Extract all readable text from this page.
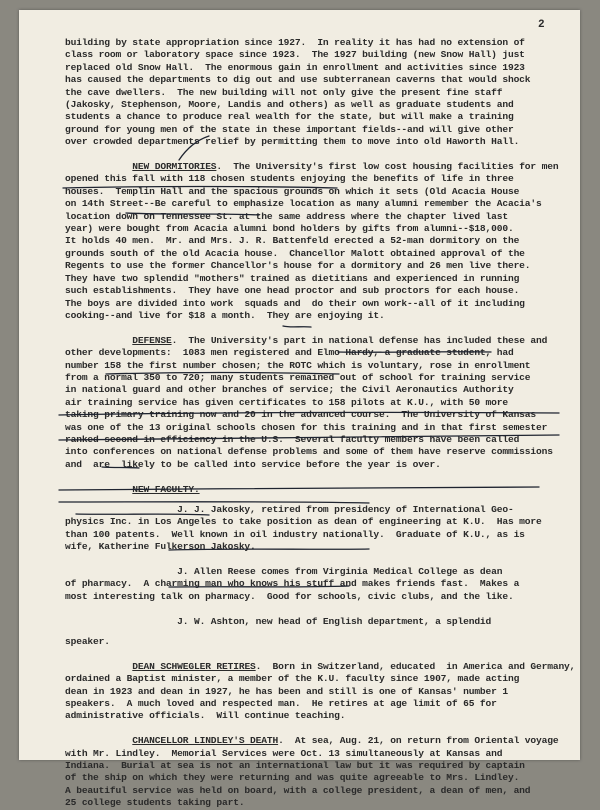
2

building by state appropriation since 1927.  In reality it has had no extension of

class room or laboratory space since 1923.  The 1927 building (new Snow Hall) just

replaced old Snow Hall.  The enormous gain in enrollment and activities since 1923

has caused the departments to dig out and use subterranean caverns that would shock

the cave dwellers.  The new building will not only give the present fine staff

(Jakosky, Stephenson, Moore, Landis and others) as well as graduate students and

students a chance to produce real wealth for the state, but will make a training

ground for young men of the state in these important fields--and will give other

over crowded departments relief by permitting them to move into old Haworth Hall.

NEW DORMITORIES.  The University's first low cost housing facilities for men

opened this fall with 118 chosen students enjoying the benefits of life in three

houses.  Templin Hall and the spacious grounds on which it sets (Old Acacia House

on 14th Street--Be careful to emphasize location as many alumni remember the Acacia's

location down on Tennessee St. at the same address where the chapter lived last

year) were bought from Acacia alumni bond holders by gifts from alumni--$18,000.

It holds 40 men.  Mr. and Mrs. J. R. Battenfeld erected a 52-man dormitory on the

grounds south of the old Acacia house.  Chancellor Malott obtained approval of the

Regents to use the former Chancellor's house for a dormitory and 26 men live there.

They have two splendid "mothers" trained as dietitians and experienced in running

such establishments.  They have one head proctor and sub proctors for each house.

The boys are divided into work  squads and  do their own work--all of it including

cooking--and live for $18 a month.  They are enjoying it.

DEFENSE.  The University's part in national defense has included these and

other developments:  1083 men registered and Elmo Hardy, a graduate student, had

number 158 the first number chosen; the ROTC which is voluntary, rose in enrollment

from a normal 350 to 720; many students remained out of school for training service

in national guard and other branches of service; the Civil Aeronautics Authority

air training service has given certificates to 158 pilots at K.U., with 50 more

taking primary training now and 20 in the advanced course.  The University of Kansas

was one of the 13 original schools chosen for this training and in that first semester

ranked second in efficiency in the U.S.  Several faculty members have been called

into conferences on national defense problems and some of them have reserve commissions

and  are  likely to be called into service before the year is over.

NEW FACULTY.

J. J. Jakosky, retired from presidency of International Geo-

physics Inc. in Los Angeles to take position as dean of engineering at K.U.  Has more

than 100 patents.  Well known in oil industry nationally.  Graduate of K.U., as is

wife, Katherine Fulkerson Jakosky.

J. Allen Reese comes from Virginia Medical College as dean

of pharmacy.  A charming man who knows his stuff and makes friends fast.  Makes a

most interesting talk on pharmacy.  Good for schools, civic clubs, and the like.

J. W. Ashton, new head of English department, a splendid

speaker.

DEAN SCHWEGLER RETIRES.  Born in Switzerland, educated  in America and Germany,

ordained a Baptist minister, a member of the K.U. faculty since 1907, made acting

dean in 1923 and dean in 1927, he has been and still is one of Kansas' number 1

speakers.  A much loved and respected man.  He retires at age limit of 65 for

administrative officials.  Will continue teaching.

CHANCELLOR LINDLEY'S DEATH.  At sea, Aug. 21, on return from Oriental voyage

with Mr. Lindley.  Memorial Services were Oct. 13 simultaneously at Kansas and

Indiana.  Burial at sea is not an international law but it was required by captain

of the ship on which they were returning and was quite agreeable to Mrs. Lindley.

A beautiful service was held on board, with a college president, a dean of men, and

25 college students taking part.
